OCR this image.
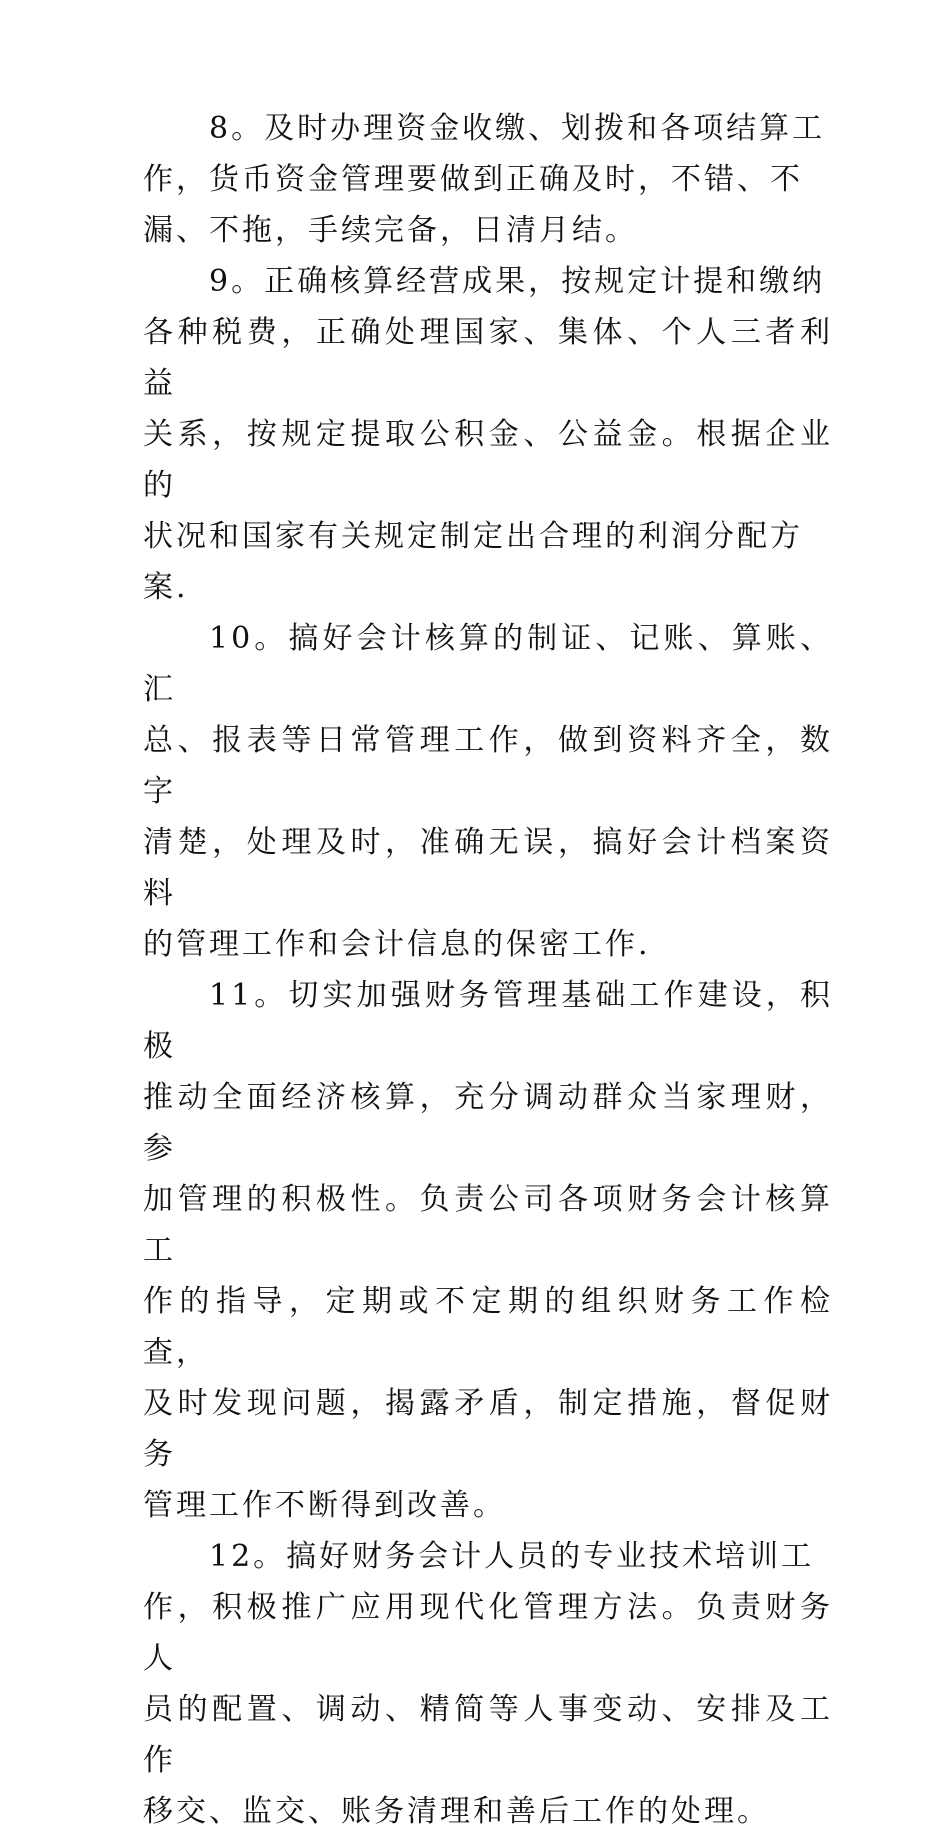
8。及时办理资金收缴、划拨和各项结算工
作，货币资金管理要做到正确及时，不错、不
漏、不拖，手续完备，日清月结。

9。正确核算经营成果，按规定计提和缴纳
各种税费，正确处理国家、集体、个人三者利益
关系，按规定提取公积金、公益金。根据企业的
状况和国家有关规定制定出合理的利润分配方
案.

10。搞好会计核算的制证、记账、算账、汇
总、报表等日常管理工作，做到资料齐全，数字
清楚，处理及时，准确无误，搞好会计档案资料
的管理工作和会计信息的保密工作.

11。切实加强财务管理基础工作建设，积极
推动全面经济核算，充分调动群众当家理财，参
加管理的积极性。负责公司各项财务会计核算工
作的指导，定期或不定期的组织财务工作检查，
及时发现问题，揭露矛盾，制定措施，督促财务
管理工作不断得到改善。

12。搞好财务会计人员的专业技术培训工
作，积极推广应用现代化管理方法。负责财务人
员的配置、调动、精简等人事变动、安排及工作
移交、监交、账务清理和善后工作的处理。
